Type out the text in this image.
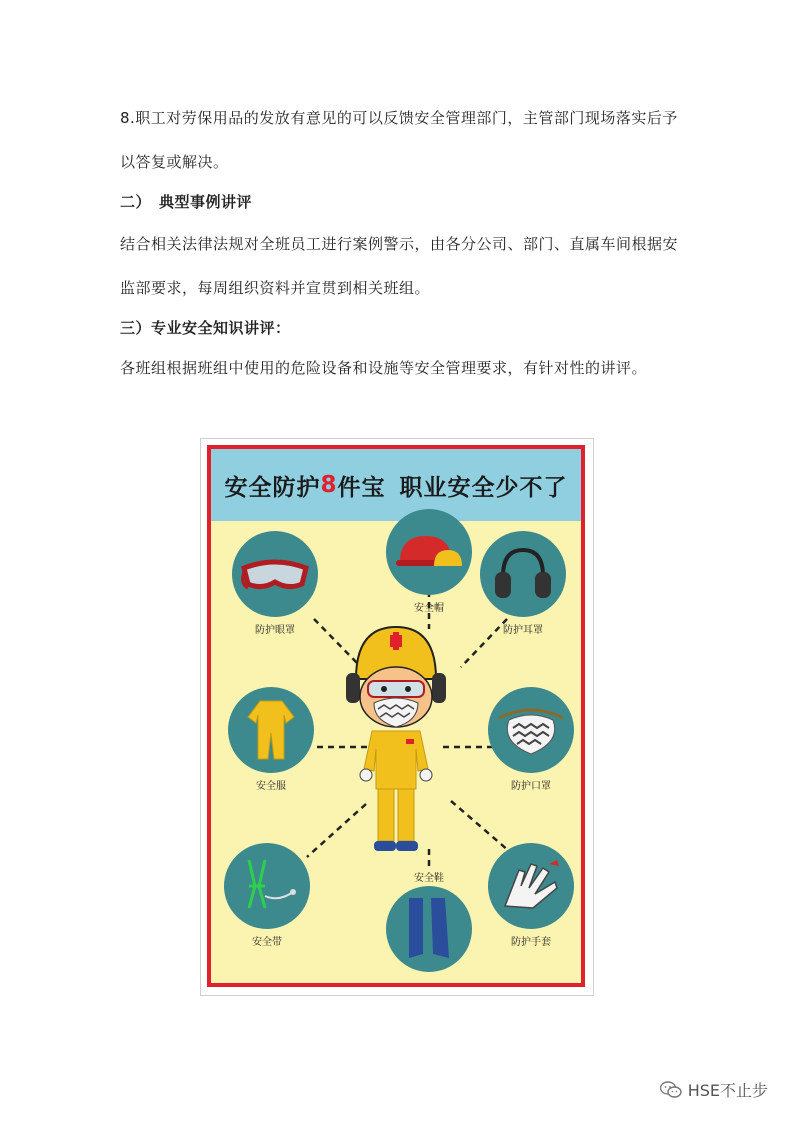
8.职工对劳保用品的发放有意见的可以反馈安全管理部门，主管部门现场落实后予以答复或解决。

二）　典型事例讲评

结合相关法律法规对全班员工进行案例警示，由各分公司、部门、直属车间根据安监部要求，每周组织资料并宣贯到相关班组。

三）专业安全知识讲评：

各班组根据班组中使用的危险设备和设施等安全管理要求，有针对性的讲评。

安全防护 8 件宝 职业安全少不了
防护眼罩
安全帽
防护耳罩
安全服	防护口罩
安全带
安全鞋
防护手套
HSE不止步
